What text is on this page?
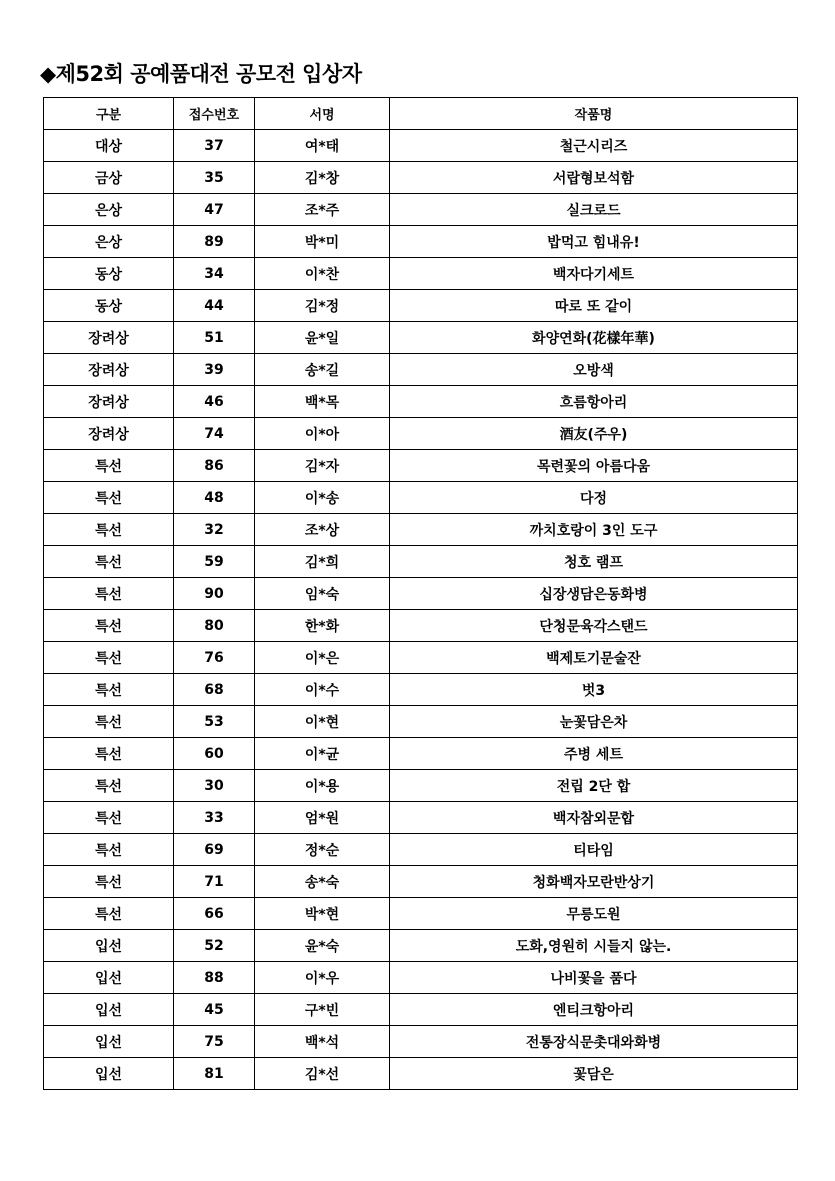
◆제52회 공예품대전 공모전 입상자
구분	접수번호	서명	작품명
대상	37	여*태	철근시리즈
금상	35	김*창	서랍형보석함
은상	47	조*주	실크로드
은상	89	박*미	밥먹고 힘내유!
동상	34	이*찬	백자다기세트
동상	44	김*정	따로 또 같이
장려상	51	윤*일	화양연화(花樣年華)
장려상	39	송*길	오방색
장려상	46	백*목	흐름항아리
장려상	74	이*아	酒友(주우)
특선	86	김*자	목련꽃의 아름다움
특선	48	이*송	다정
특선	32	조*상	까치호랑이 3인 도구
특선	59	김*희	청호 램프
특선	90	임*숙	십장생담은동화병
특선	80	한*화	단청문육각스탠드
특선	76	이*은	백제토기문술잔
특선	68	이*수	벗3
특선	53	이*현	눈꽃담은차
특선	60	이*균	주병 세트
특선	30	이*용	전립 2단 합
특선	33	엄*원	백자참외문합
특선	69	정*순	티타임
특선	71	송*숙	청화백자모란반상기
특선	66	박*현	무릉도원
입선	52	윤*숙	도화,영원히 시들지 않는.
입선	88	이*우	나비꽃을 품다
입선	45	구*빈	엔티크항아리
입선	75	백*석	전통장식문촛대와화병
입선	81	김*선	꽃담은
